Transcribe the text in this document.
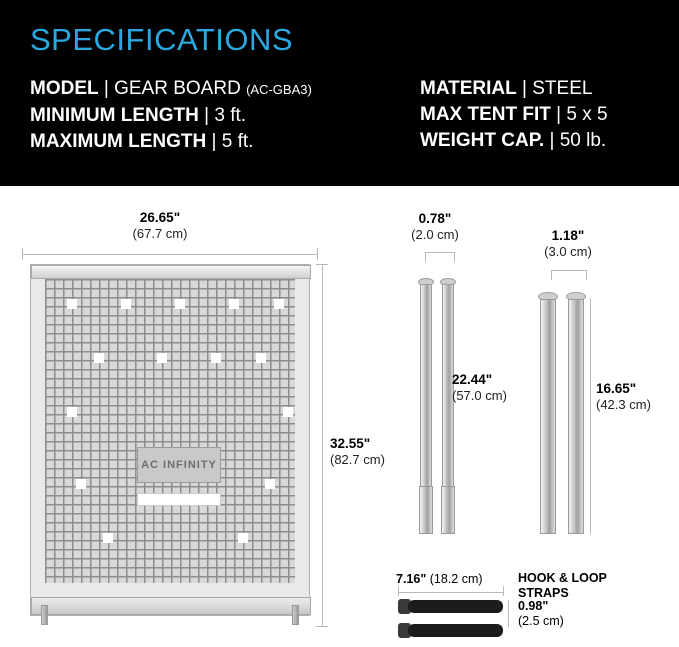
SPECIFICATIONS
MODEL | GEAR BOARD (AC-GBA3)
MINIMUM LENGTH | 3 ft.
MAXIMUM LENGTH | 5 ft.
MATERIAL | STEEL
MAX TENT FIT | 5 x 5
WEIGHT CAP. | 50 lb.
26.65"
(67.7 cm)
AC INFINITY
32.55"
(82.7 cm)
0.78"
(2.0 cm)
22.44"
(57.0 cm)
1.18"
(3.0 cm)
16.65"
(42.3 cm)
7.16" (18.2 cm)	HOOK & LOOP
STRAPS
0.98"
(2.5 cm)
